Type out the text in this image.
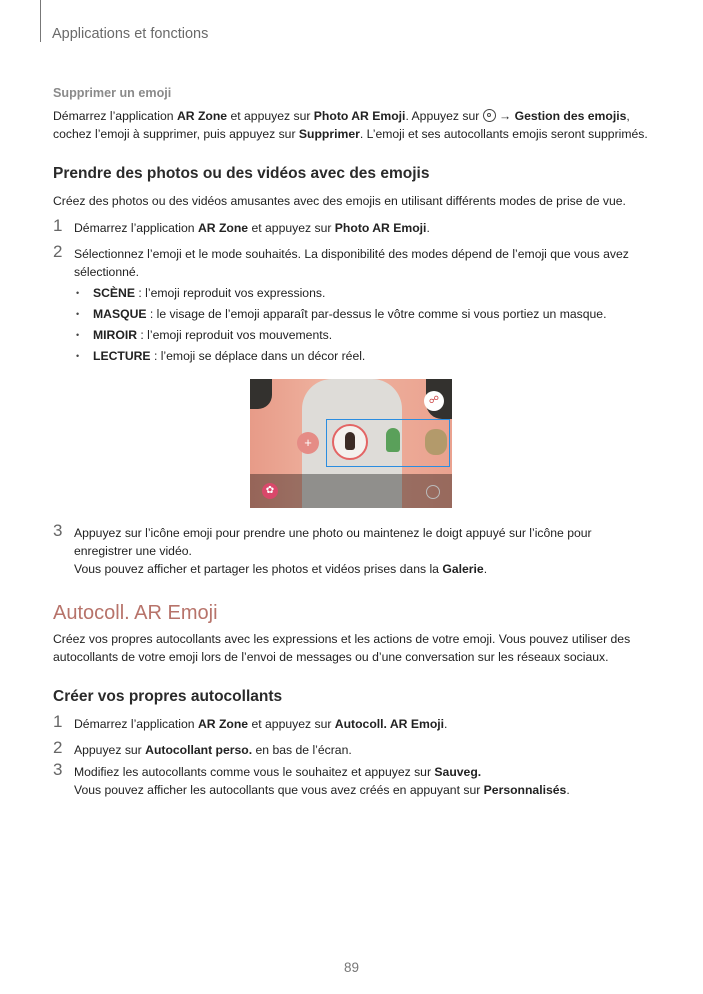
Applications et fonctions
Supprimer un emoji

Démarrez l’application AR Zone et appuyez sur Photo AR Emoji. Appuyez sur  → Gestion des emojis, cochez l’emoji à supprimer, puis appuyez sur Supprimer. L’emoji et ses autocollants emojis seront supprimés.

Prendre des photos ou des vidéos avec des emojis

Créez des photos ou des vidéos amusantes avec des emojis en utilisant différents modes de prise de vue.

1 Démarrez l’application AR Zone et appuyez sur Photo AR Emoji.
2 Sélectionnez l’emoji et le mode souhaités. La disponibilité des modes dépend de l’emoji que vous avez sélectionné.
• SCÈNE : l’emoji reproduit vos expressions.
• MASQUE : le visage de l’emoji apparaît par-dessus le vôtre comme si vous portiez un masque.
• MIROIR : l’emoji reproduit vos mouvements.
• LECTURE : l’emoji se déplace dans un décor réel.
☍
+
✿
3 Appuyez sur l’icône emoji pour prendre une photo ou maintenez le doigt appuyé sur l’icône pour enregistrer une vidéo.
Vous pouvez afficher et partager les photos et vidéos prises dans la Galerie.
Autocoll. AR Emoji

Créez vos propres autocollants avec les expressions et les actions de votre emoji. Vous pouvez utiliser des autocollants de votre emoji lors de l’envoi de messages ou d’une conversation sur les réseaux sociaux.

Créer vos propres autocollants
1 Démarrez l’application AR Zone et appuyez sur Autocoll. AR Emoji.
2 Appuyez sur Autocollant perso. en bas de l’écran.
3 Modifiez les autocollants comme vous le souhaitez et appuyez sur Sauveg.
Vous pouvez afficher les autocollants que vous avez créés en appuyant sur Personnalisés.
89
